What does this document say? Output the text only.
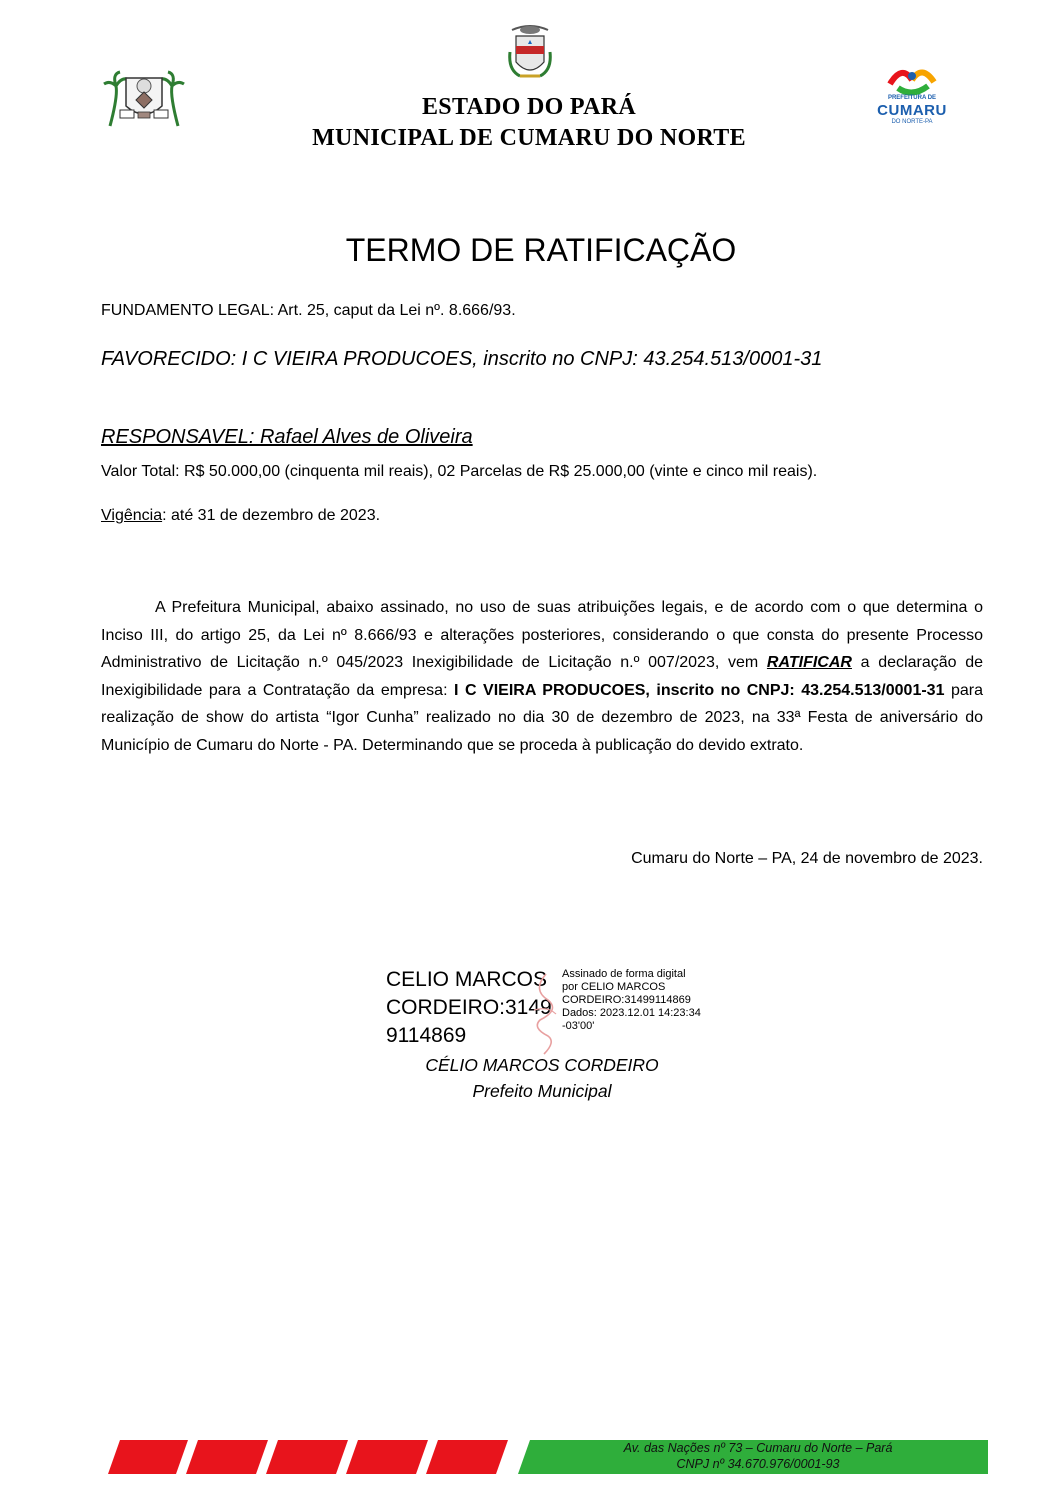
PREFEITURA DE
CUMARU
DO NORTE-PA
ESTADO DO PARÁ
MUNICIPAL DE CUMARU DO NORTE
TERMO DE RATIFICAÇÃO
FUNDAMENTO LEGAL: Art. 25, caput da Lei nº. 8.666/93.
FAVORECIDO: I C VIEIRA PRODUCOES, inscrito no CNPJ: 43.254.513/0001-31
RESPONSAVEL: Rafael Alves de Oliveira
Valor Total: R$ 50.000,00 (cinquenta mil reais), 02 Parcelas de R$ 25.000,00 (vinte e cinco mil reais).
Vigência: até 31 de dezembro de 2023.
A Prefeitura Municipal, abaixo assinado, no uso de suas atribuições legais, e de acordo com o que determina o Inciso III, do artigo 25, da Lei nº 8.666/93 e alterações posteriores, considerando o que consta do presente Processo Administrativo de Licitação n.º 045/2023 Inexigibilidade de Licitação n.º 007/2023, vem RATIFICAR a declaração de Inexigibilidade para a Contratação da empresa: I C VIEIRA PRODUCOES, inscrito no CNPJ: 43.254.513/0001-31 para realização de show do artista “Igor Cunha” realizado no dia 30 de dezembro de 2023, na 33ª Festa de aniversário do Município de Cumaru do Norte - PA. Determinando que se proceda à publicação do devido extrato.
Cumaru do Norte – PA, 24 de novembro de 2023.
CELIO MARCOS
CORDEIRO:3149
9114869
Assinado de forma digital
por CELIO MARCOS
CORDEIRO:31499114869
Dados: 2023.12.01 14:23:34
-03'00'
CÉLIO MARCOS CORDEIRO
Prefeito Municipal
Av. das Nações nº 73 – Cumaru do Norte – Pará
CNPJ nº 34.670.976/0001-93
